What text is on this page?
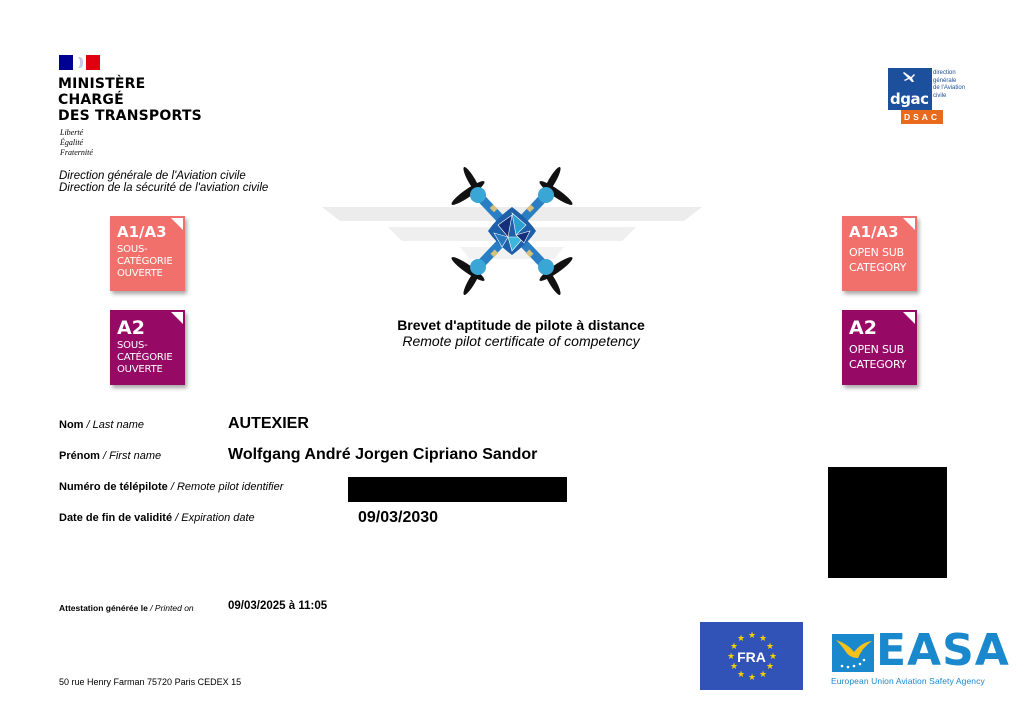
MINISTÈRE
CHARGÉ
DES TRANSPORTS
Liberté
Égalité
Fraternité
Direction générale de l'Aviation civile
Direction de la sécurité de l'aviation civile
dgac
direction
générale
de l'Aviation
civile
DSAC
A1/A3
SOUS-
CATÉGORIE
OUVERTE
A2
SOUS-
CATÉGORIE
OUVERTE
A1/A3
OPEN SUB
CATEGORY
A2
OPEN SUB
CATEGORY
Brevet d'aptitude de pilote à distance
Remote pilot certificate of competency
Nom / Last name	AUTEXIER
Prénom / First name	Wolfgang André Jorgen Cipriano Sandor
Numéro de télépilote / Remote pilot identifier
Date de fin de validité / Expiration date	09/03/2030
Attestation générée le / Printed on	09/03/2025 à 11:05
50 rue Henry Farman 75720 Paris CEDEX 15
★
★ ★
★	★
★	★
★	★
★ ★
★
FRA	EASA
European Union Aviation Safety Agency
